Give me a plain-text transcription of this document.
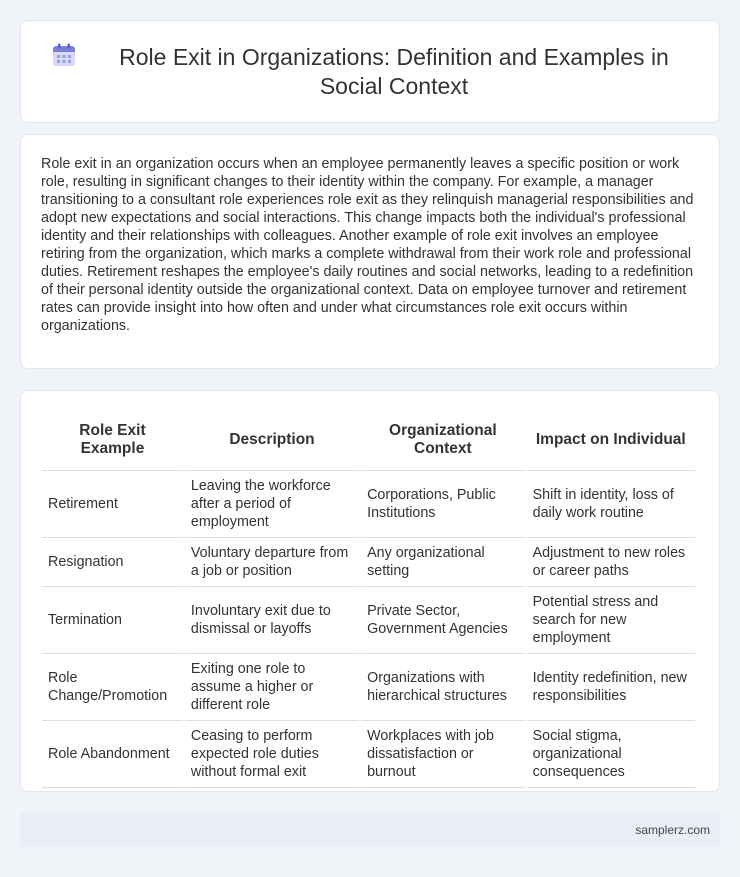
Role Exit in Organizations: Definition and Examples in Social Context

Role exit in an organization occurs when an employee permanently leaves a specific position or work role, resulting in significant changes to their identity within the company. For example, a manager transitioning to a consultant role experiences role exit as they relinquish managerial responsibilities and adopt new expectations and social interactions. This change impacts both the individual's professional identity and their relationships with colleagues. Another example of role exit involves an employee retiring from the organization, which marks a complete withdrawal from their work role and professional duties. Retirement reshapes the employee's daily routines and social networks, leading to a redefinition of their personal identity outside the organizational context. Data on employee turnover and retirement rates can provide insight into how often and under what circumstances role exit occurs within organizations.

Role Exit Example	Description	Organizational Context	Impact on Individual
Retirement	Leaving the workforce after a period of employment	Corporations, Public Institutions	Shift in identity, loss of daily work routine
Resignation	Voluntary departure from a job or position	Any organizational setting	Adjustment to new roles or career paths
Termination	Involuntary exit due to dismissal or layoffs	Private Sector, Government Agencies	Potential stress and search for new employment
Role Change/Promotion	Exiting one role to assume a higher or different role	Organizations with hierarchical structures	Identity redefinition, new responsibilities
Role Abandonment	Ceasing to perform expected role duties without formal exit	Workplaces with job dissatisfaction or burnout	Social stigma, organizational consequences
samplerz.com
